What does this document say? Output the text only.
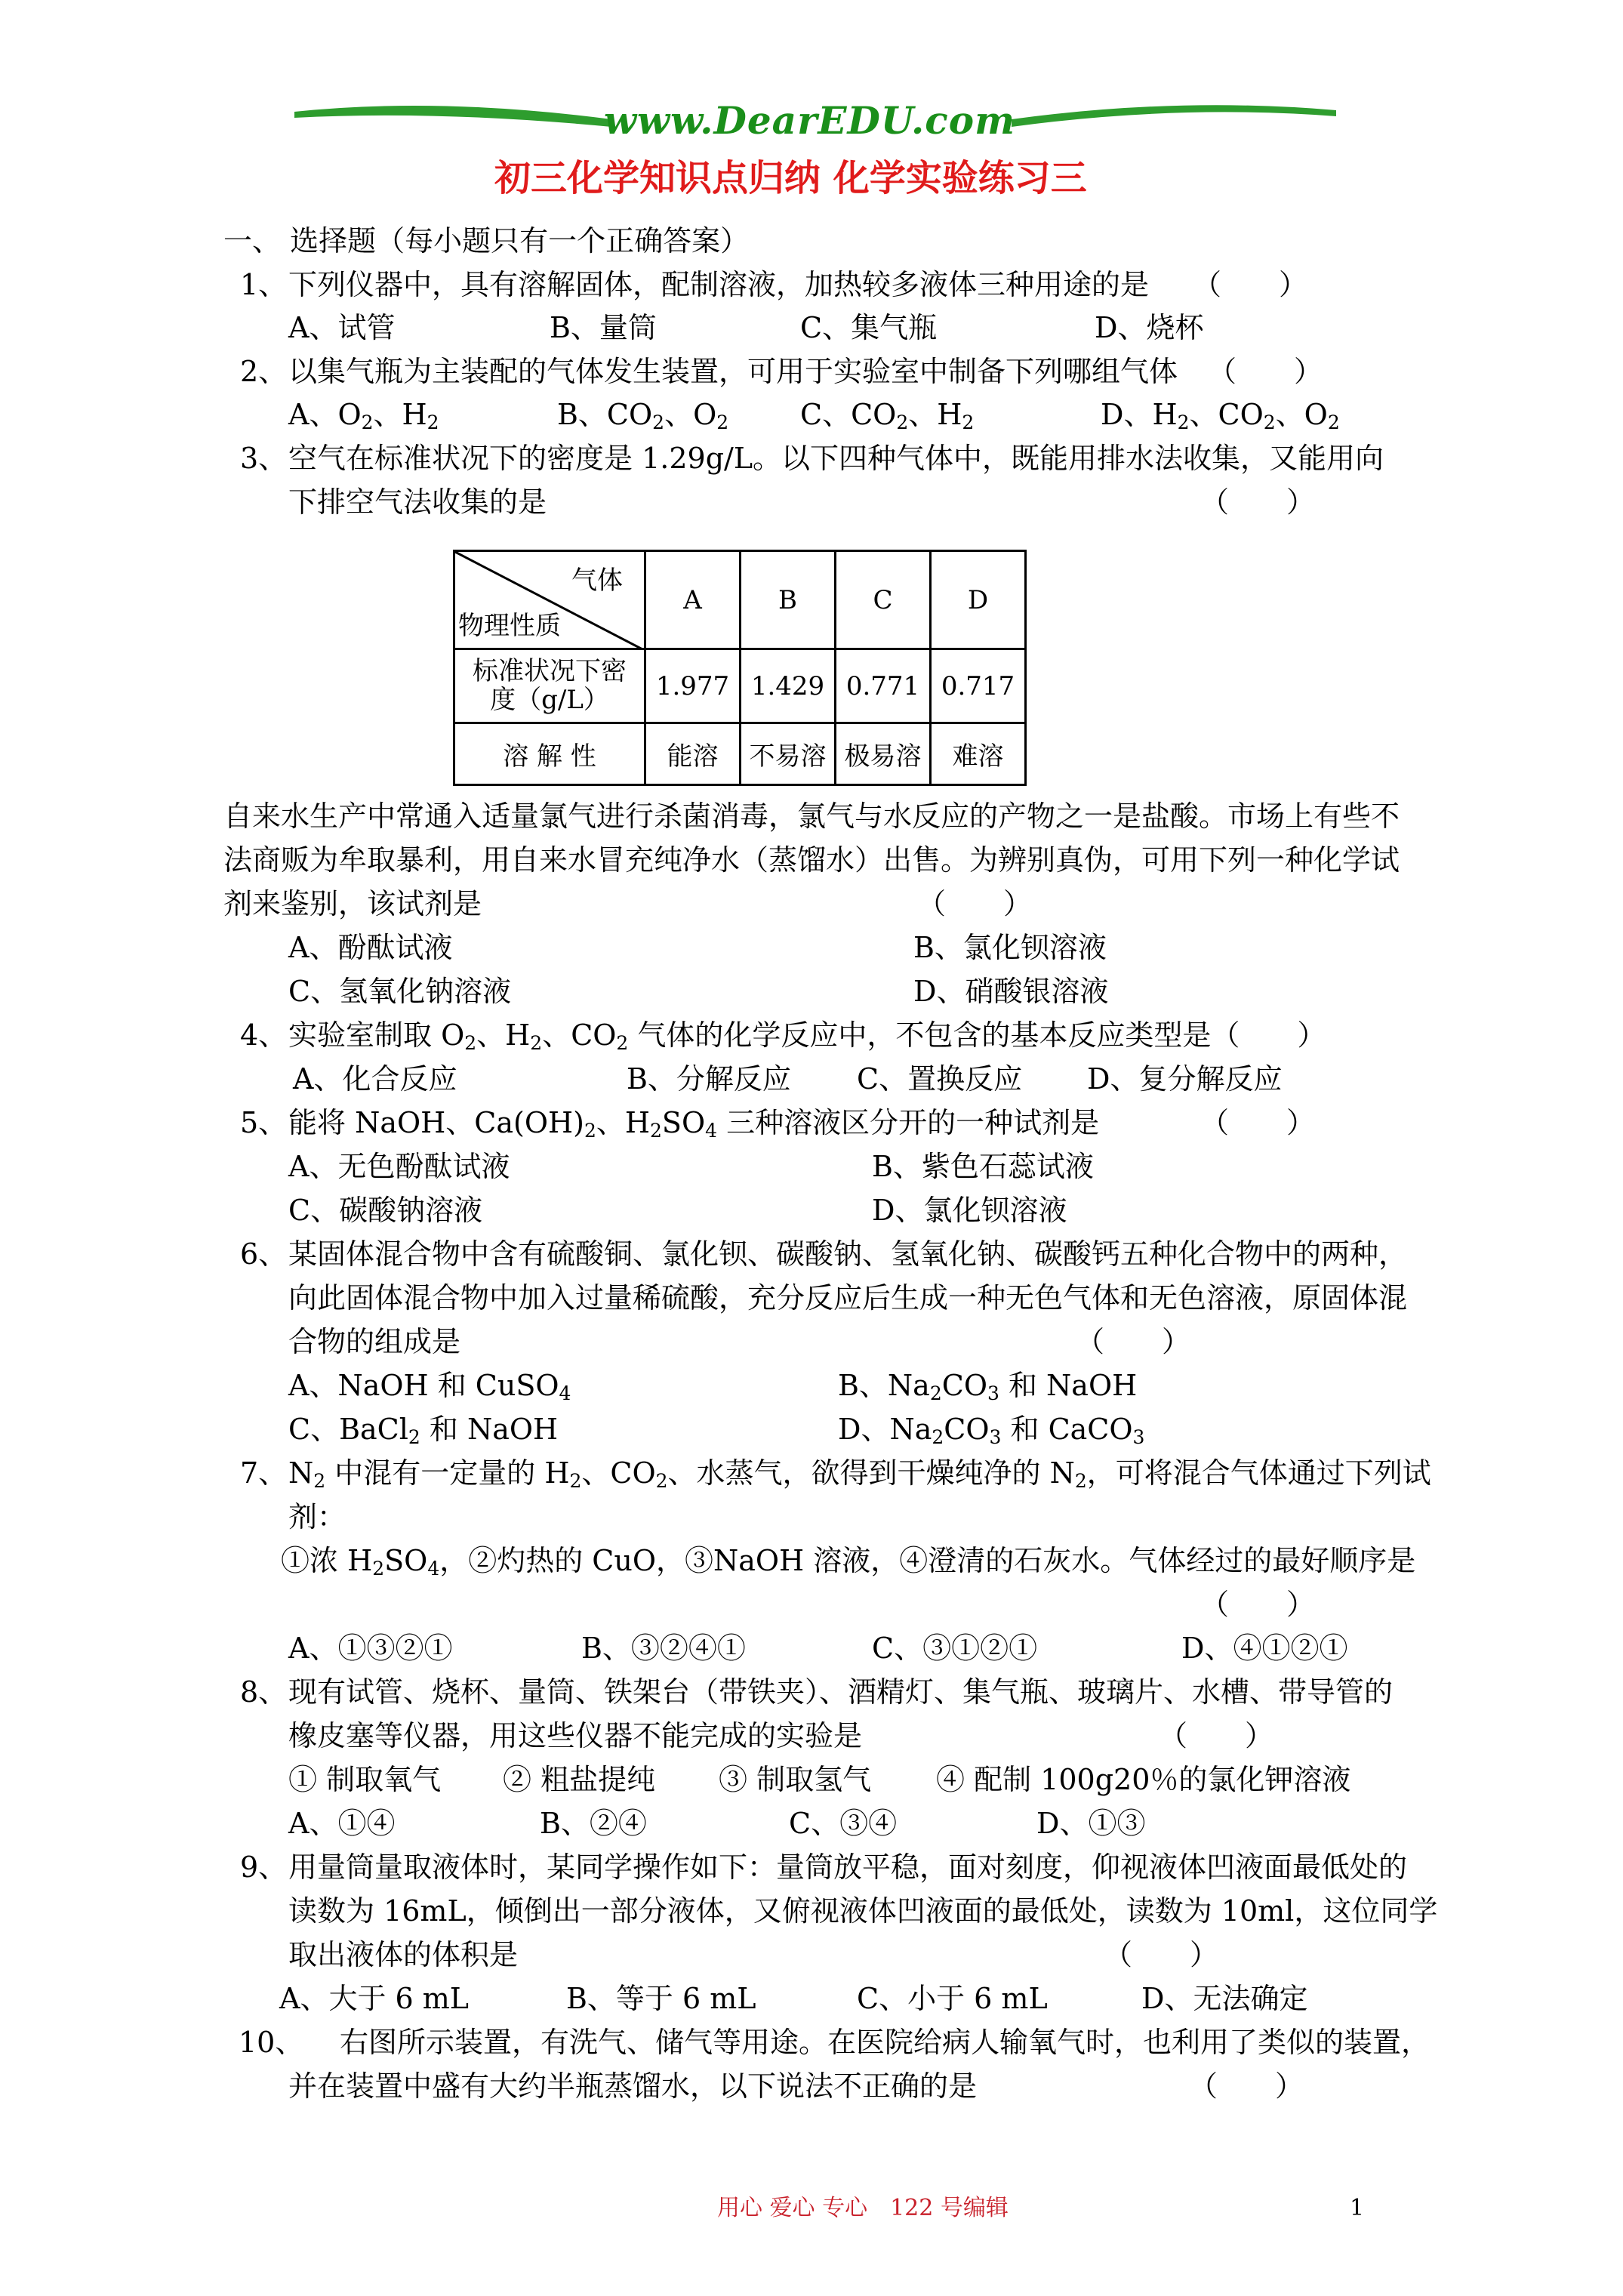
www.DearEDU.com
初三化学知识点归纳 化学实验练习三
一、 选择题（每小题只有一个正确答案）
1、 下列仪器中，具有溶解固体，配制溶液，加热较多液体三种用途的是 （　　）
A、试管	B、量筒	C、集气瓶	D、烧杯
2、 以集气瓶为主装配的气体发生装置，可用于实验室中制备下列哪组气体 （　　）
A、$O_2$、$H_2$	B、$CO_2$、$O_2$ C、$CO_2$、$H_2$	D、$H_2$、$CO_2$、$O_2$
3、 空气在标准状况下的密度是 1.29g/L。以下四种气体中，既能用排水法收集，又能用向
下排空气法收集的是	（　　）
气体
物理性质	A	B	C	D
标准状况下密度（g/L）	1.977	1.429	0.771	0.717
溶 解 性	能溶	不易溶	极易溶	难溶
自来水生产中常通入适量氯气进行杀菌消毒，氯气与水反应的产物之一是盐酸。市场上有些不
法商贩为牟取暴利，用自来水冒充纯净水（蒸馏水）出售。为辨别真伪，可用下列一种化学试
剂来鉴别，该试剂是	（　　）
A、酚酞试液	B、氯化钡溶液
C、氢氧化钠溶液	D、硝酸银溶液
4、 实验室制取 $O_2$、$H_2$、$CO_2$ 气体的化学反应中，不包含的基本反应类型是（　　）
A、化合反应	B、分解反应 C、置换反应 D、复分解反应
5、 能将 NaOH、$Ca(OH)_2$、$H_2SO_4$ 三种溶液区分开的一种试剂是	（　　）
A、无色酚酞试液	B、紫色石蕊试液
C、碳酸钠溶液	D、氯化钡溶液
6、 某固体混合物中含有硫酸铜、氯化钡、碳酸钠、氢氧化钠、碳酸钙五种化合物中的两种，
向此固体混合物中加入过量稀硫酸，充分反应后生成一种无色气体和无色溶液，原固体混
合物的组成是	（　　）
A、NaOH 和 CuSO$_4$	B、$Na_2CO_3$ 和 NaOH
C、BaCl$_2$ 和 NaOH	D、$Na_2CO_3$ 和 CaCO$_3$
7、 $N_2$ 中混有一定量的 $H_2$、$CO_2$、水蒸气，欲得到干燥纯净的 $N_2$，可将混合气体通过下列试
剂：
①浓 $H_2SO_4$，②灼热的 CuO，③NaOH 溶液，④澄清的石灰水。气体经过的最好顺序是
（　　）
A、①③②①	B、③②④①	C、③①②①	D、④①②①
8、 现有试管、烧杯、量筒、铁架台（带铁夹）、酒精灯、集气瓶、玻璃片、水槽、带导管的
橡皮塞等仪器，用这些仪器不能完成的实验是	（　　）
① 制取氧气 ② 粗盐提纯 ③ 制取氢气 ④ 配制 100g20％的氯化钾溶液
A、①④	B、②④	C、③④	D、①③
9、 用量筒量取液体时，某同学操作如下：量筒放平稳，面对刻度，仰视液体凹液面最低处的
读数为 16mL，倾倒出一部分液体，又俯视液体凹液面的最低处，读数为 10ml，这位同学
取出液体的体积是	（　　）
A、大于 6 mL	B、等于 6 mL	C、小于 6 mL	D、无法确定
10、 右图所示装置，有洗气、储气等用途。在医院给病人输氧气时，也利用了类似的装置，
并在装置中盛有大约半瓶蒸馏水，以下说法不正确的是	（　　）
用心 爱心 专心　122 号编辑	1
